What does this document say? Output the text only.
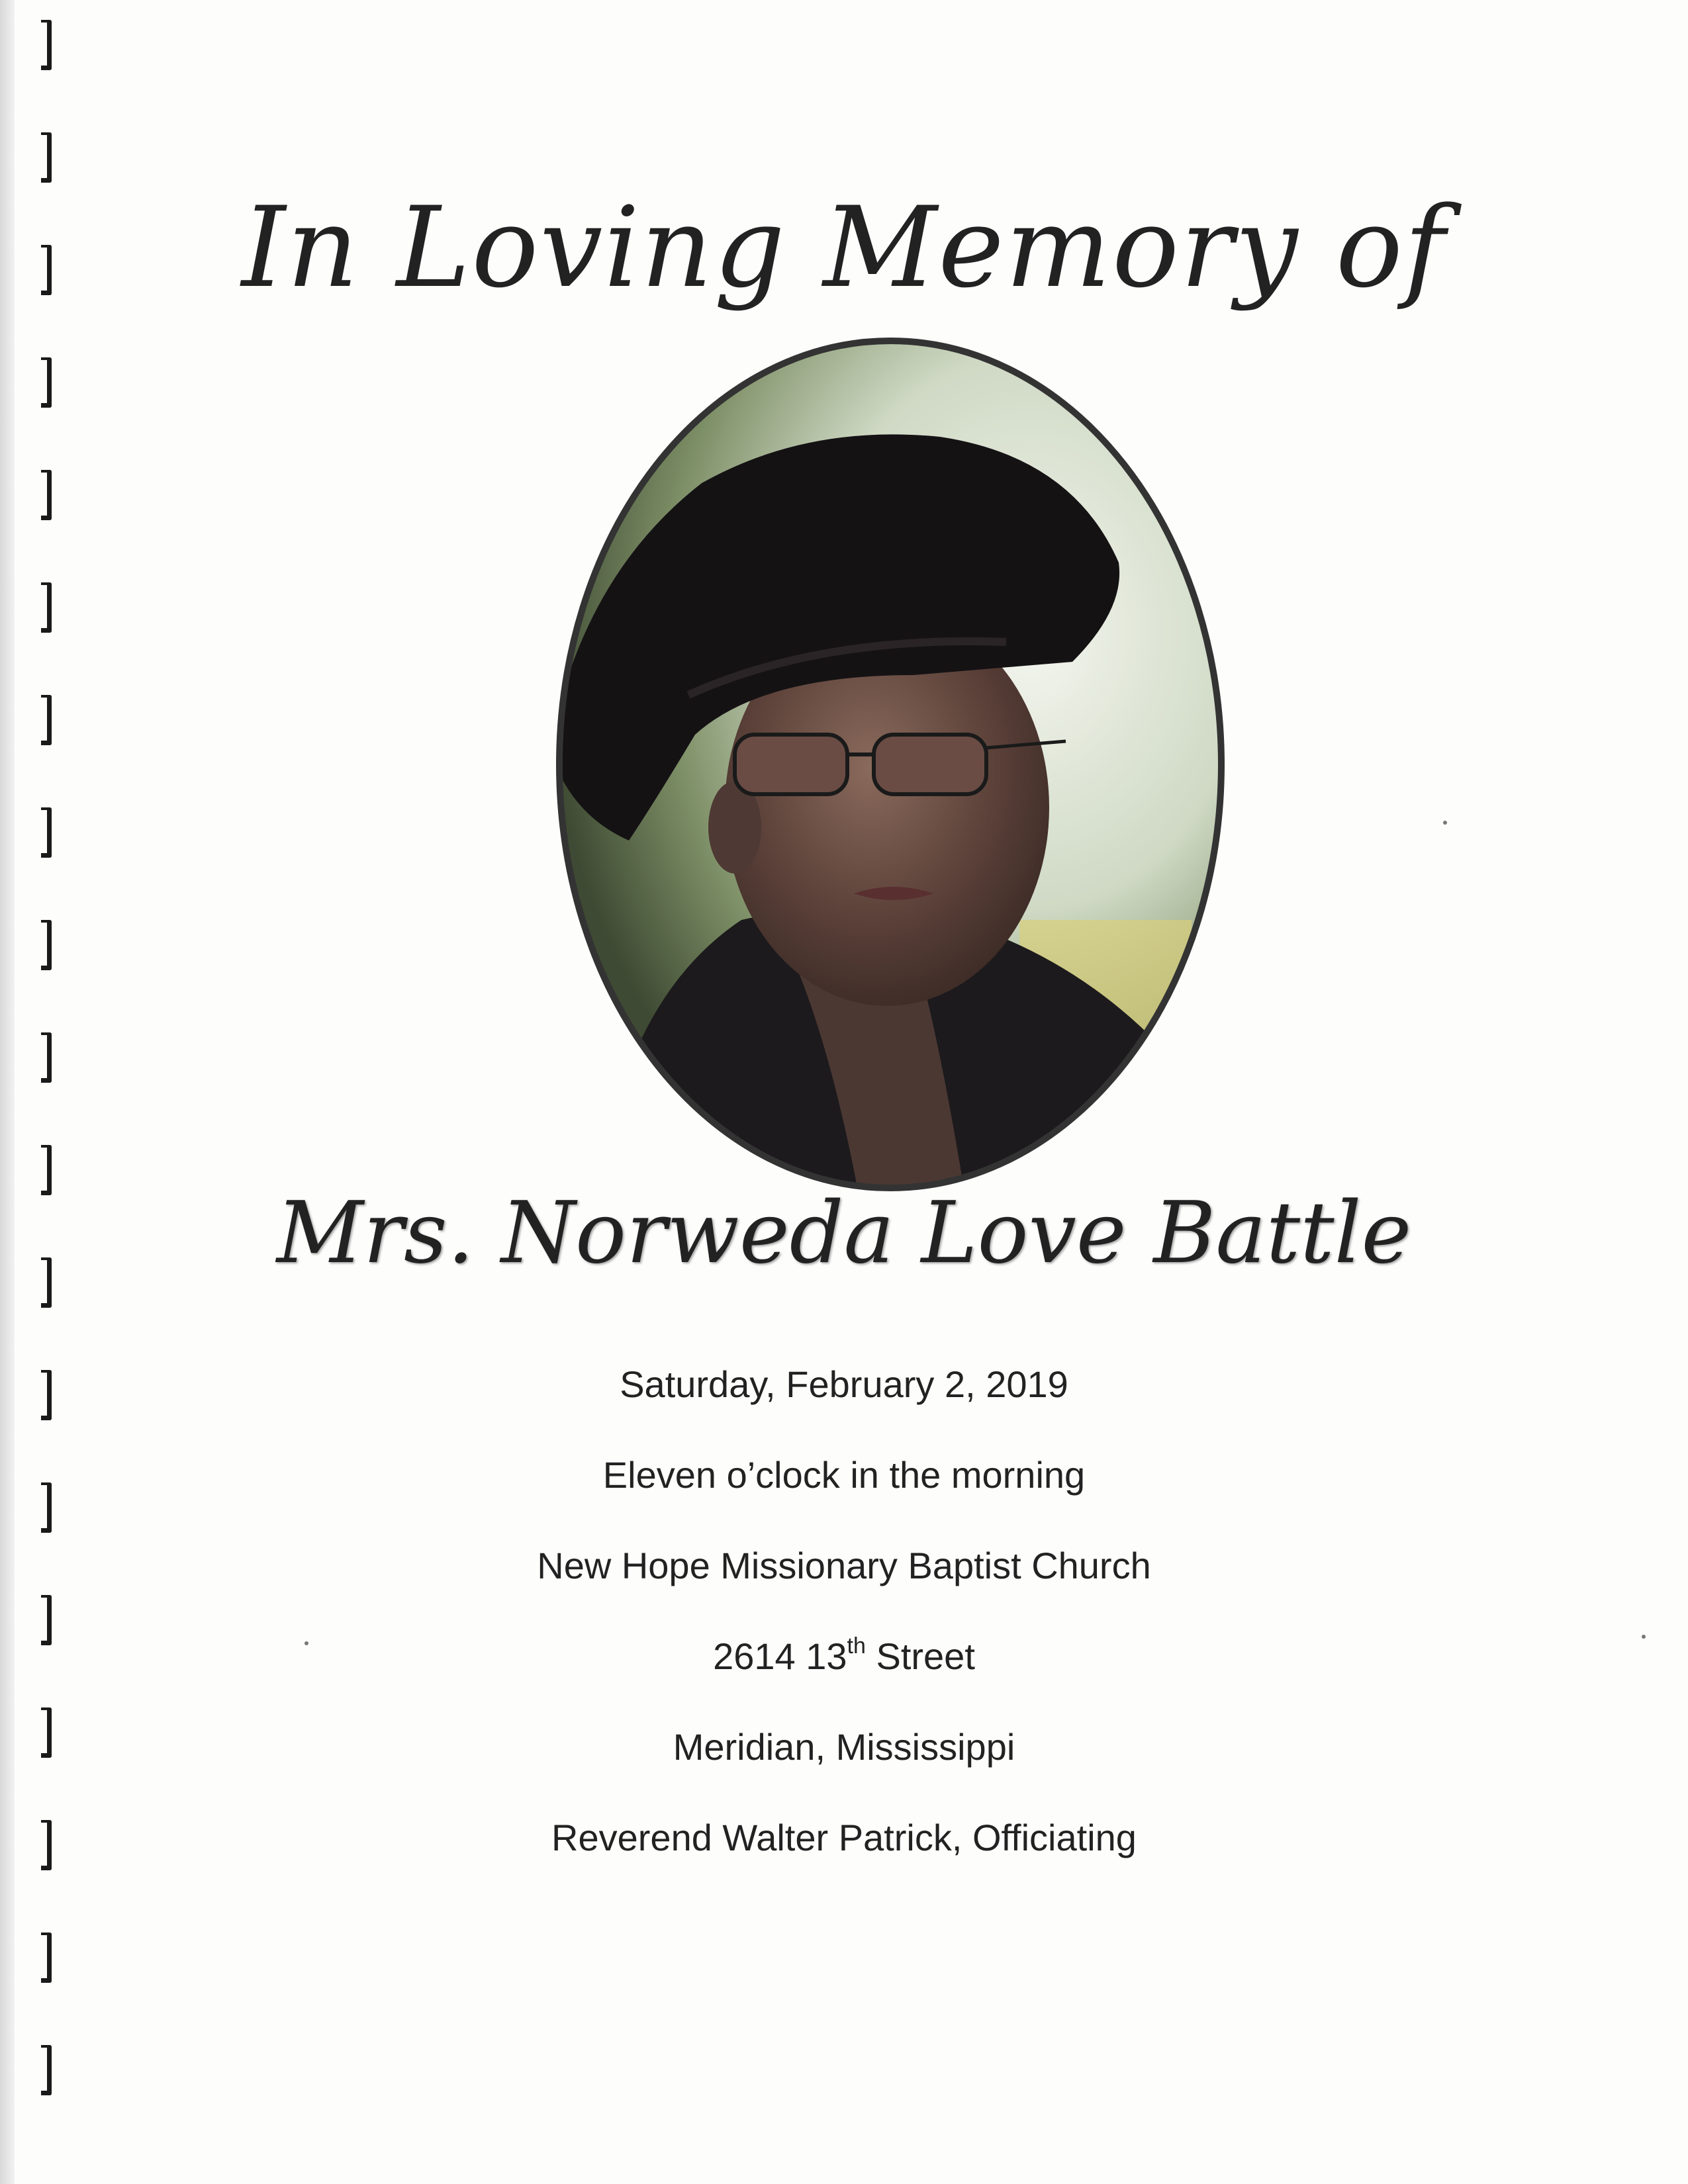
In Loving Memory of
Mrs. Norweda Love Battle
Saturday, February 2, 2019
Eleven o’clock in the morning
New Hope Missionary Baptist Church
2614 13th Street
Meridian, Mississippi
Reverend Walter Patrick, Officiating
